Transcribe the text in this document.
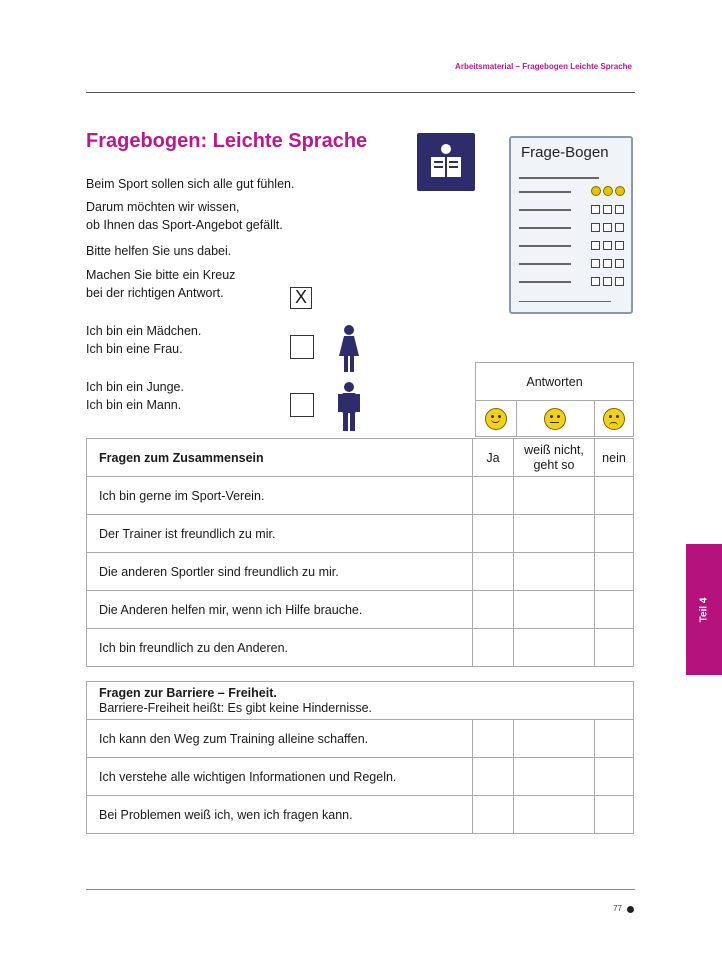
Arbeitsmaterial – Fragebogen Leichte Sprache
Fragebogen: Leichte Sprache
Frage-Bogen
Beim Sport sollen sich alle gut fühlen.
Darum möchten wir wissen,
ob Ihnen das Sport-Angebot gefällt.
Bitte helfen Sie uns dabei.
Machen Sie bitte ein Kreuz
bei der richtigen Antwort.	X
Ich bin ein Mädchen.
Ich bin eine Frau.
Ich bin ein Junge.
Ich bin ein Mann.
Antworten

Fragen zum Zusammensein	Ja	weiß nicht, geht so	nein
Ich bin gerne im Sport-Verein.			
Der Trainer ist freundlich zu mir.			
Die anderen Sportler sind freundlich zu mir.			
Die Anderen helfen mir, wenn ich Hilfe brauche.			
Ich bin freundlich zu den Anderen.			
Fragen zur Barriere – Freiheit.
Barriere-Freiheit heißt: Es gibt keine Hindernisse.			

Ich kann den Weg zum Training alleine schaffen.			
Ich verstehe alle wichtigen Informationen und Regeln.			
Bei Problemen weiß ich, wen ich fragen kann.			
Teil 4
77
